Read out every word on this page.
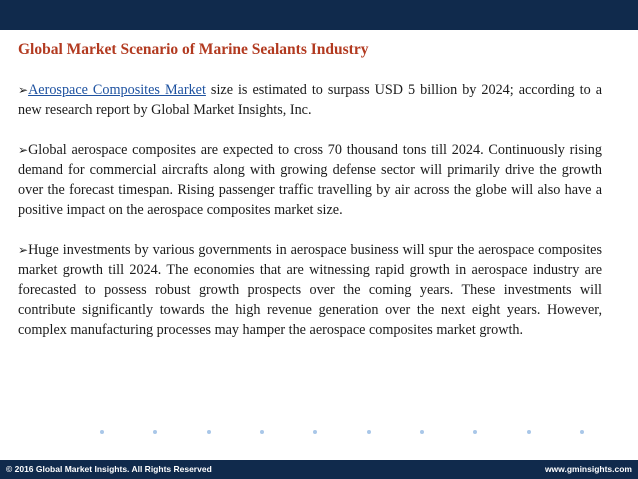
Global Market Scenario of Marine Sealants Industry

➢Aerospace Composites Market size is estimated to surpass USD 5 billion by 2024; according to a new research report by Global Market Insights, Inc.

➢Global aerospace composites are expected to cross 70 thousand tons till 2024. Continuously rising demand for commercial aircrafts along with growing defense sector will primarily drive the growth over the forecast timespan. Rising passenger traffic travelling by air across the globe will also have a positive impact on the aerospace composites market size.

➢Huge investments by various governments in aerospace business will spur the aerospace composites market growth till 2024. The economies that are witnessing rapid growth in aerospace industry are forecasted to possess robust growth prospects over the coming years. These investments will contribute significantly towards the high revenue generation over the next eight years. However, complex manufacturing processes may hamper the aerospace composites market growth.

© 2016 Global Market Insights. All Rights Reserved	www.gminsights.com
